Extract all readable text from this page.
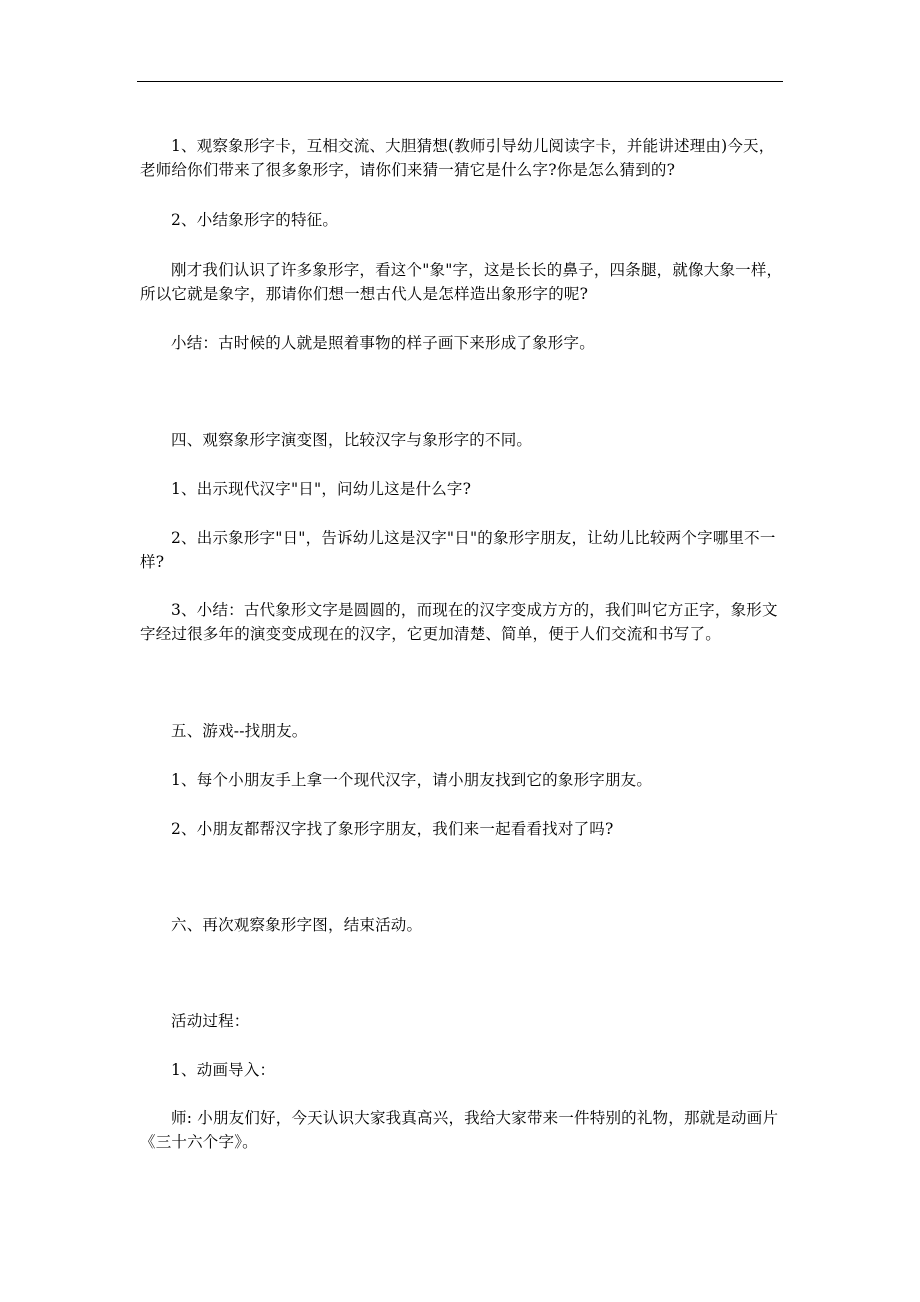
1、观察象形字卡，互相交流、大胆猜想(教师引导幼儿阅读字卡，并能讲述理由)今天，老师给你们带来了很多象形字，请你们来猜一猜它是什么字?你是怎么猜到的?

2、小结象形字的特征。

刚才我们认识了许多象形字，看这个"象"字，这是长长的鼻子，四条腿，就像大象一样，所以它就是象字，那请你们想一想古代人是怎样造出象形字的呢?

小结：古时候的人就是照着事物的样子画下来形成了象形字。

四、观察象形字演变图，比较汉字与象形字的不同。

1、出示现代汉字"日"，问幼儿这是什么字?

2、出示象形字"日"，告诉幼儿这是汉字"日"的象形字朋友，让幼儿比较两个字哪里不一样?

3、小结：古代象形文字是圆圆的，而现在的汉字变成方方的，我们叫它方正字，象形文字经过很多年的演变变成现在的汉字，它更加清楚、简单，便于人们交流和书写了。

五、游戏--找朋友。

1、每个小朋友手上拿一个现代汉字，请小朋友找到它的象形字朋友。

2、小朋友都帮汉字找了象形字朋友，我们来一起看看找对了吗?

六、再次观察象形字图，结束活动。

活动过程：

1、动画导入：

师: 小朋友们好，今天认识大家我真高兴，我给大家带来一件特别的礼物，那就是动画片《三十六个字》。
